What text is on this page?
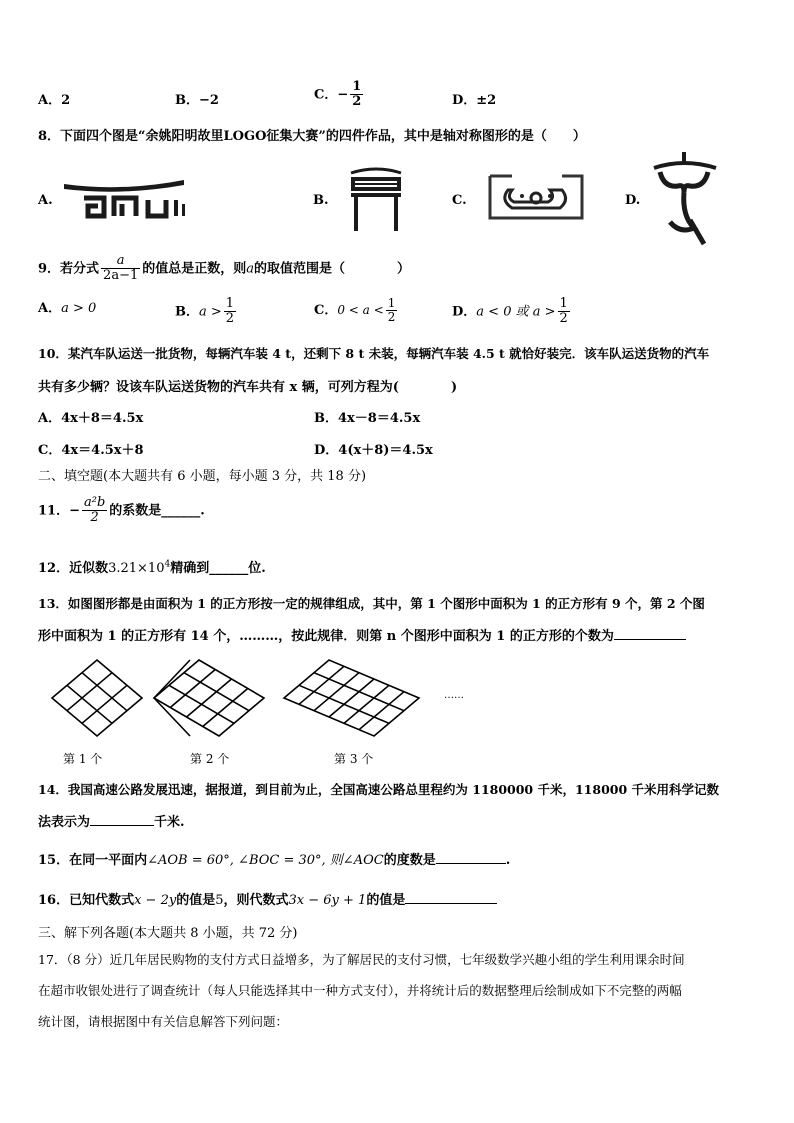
A．2	B．−2	C．− $\frac{1}{2}$	D．±2
8．下面四个图是“余姚阳明故里LOGO征集大赛”的四件作品，其中是轴对称图形的是（　　）
A.	B.	C.	D.
9．若分式 $\frac{a}{2a-1}$ 的值总是正数，则a的取值范围是（　　　　）
A．a > 0	B．$a > \frac{1}{2}$	C．$0 < a < \frac{1}{2}$	D．a < 0 或 $a > \frac{1}{2}$
10．某汽车队运送一批货物，每辆汽车装 4 t，还剩下 8 t 未装，每辆汽车装 4.5 t 就恰好装完．该车队运送货物的汽车
共有多少辆？设该车队运送货物的汽车共有 x 辆，可列方程为(　　　　)
A．4x＋8＝4.5x	B．4x－8＝4.5x
C．4x＝4.5x＋8	D．4(x＋8)＝4.5x
二、填空题(本大题共有 6 小题，每小题 3 分，共 18 分)
11．− $\frac{\text{a²b}}{2}$ 的系数是______.
12．近似数$3.21\times 10^4$精确到______位.
13．如图图形都是由面积为 1 的正方形按一定的规律组成，其中，第 1 个图形中面积为 1 的正方形有 9 个，第 2 个图
形中面积为 1 的正方形有 14 个，………，按此规律．则第 n 个图形中面积为 1 的正方形的个数为
……
第 1 个	第 2 个	第 3 个
14．我国高速公路发展迅速，据报道，到目前为止，全国高速公路总里程约为 1180000 千米，118000 千米用科学记数
法表示为	千米.
15．在同一平面内∠AOB = 60°, ∠BOC = 30°, 则∠AOC的度数是	.
16．已知代数式x − 2y的值是5，则代数式3x − 6y + 1的值是
三、解下列各题(本大题共 8 小题，共 72 分)
17．（8 分）近几年居民购物的支付方式日益增多，为了解居民的支付习惯，七年级数学兴趣小组的学生利用课余时间
在超市收银处进行了调查统计（每人只能选择其中一种方式支付），并将统计后的数据整理后绘制成如下不完整的两幅
统计图，请根据图中有关信息解答下列问题：
